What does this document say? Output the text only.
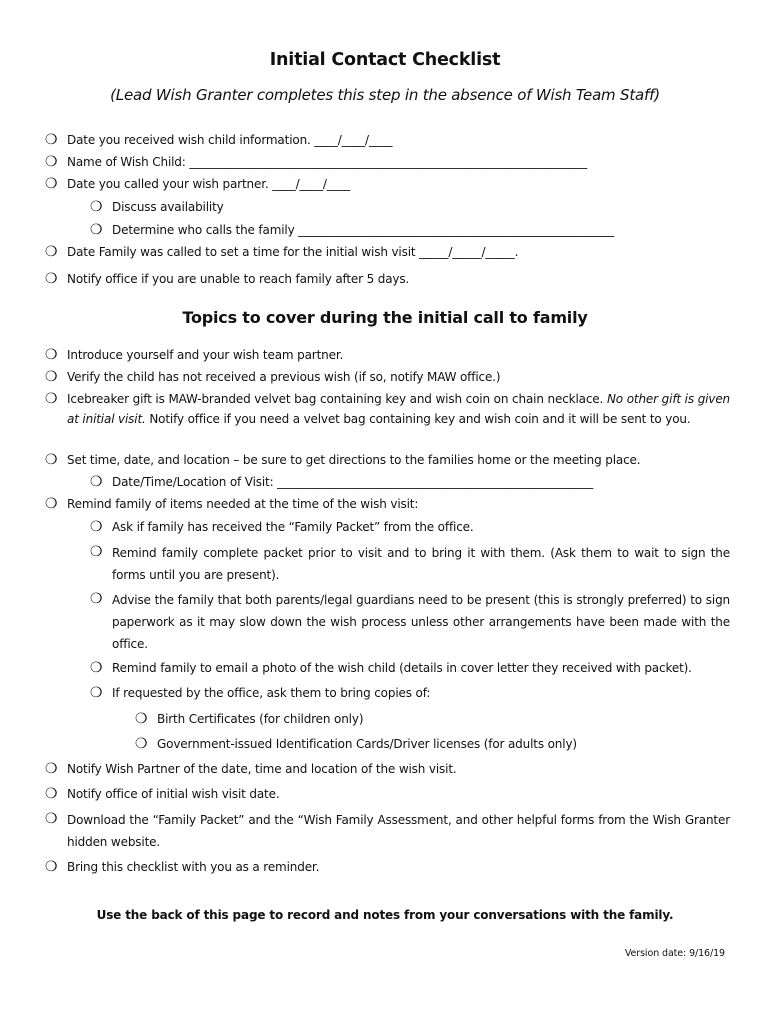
Initial Contact Checklist
(Lead Wish Granter completes this step in the absence of Wish Team Staff)
❍ Date you received wish child information. ____/____/____
❍ Name of Wish Child: ____________________________________________________________________
❍ Date you called your wish partner. ____/____/____
❍ Discuss availability
❍ Determine who calls the family ______________________________________________________
❍ Date Family was called to set a time for the initial wish visit _____/_____/_____.
❍ Notify office if you are unable to reach family after 5 days.
Topics to cover during the initial call to family
❍ Introduce yourself and your wish team partner.
❍ Verify the child has not received a previous wish (if so, notify MAW office.)
❍ Icebreaker gift is MAW-branded velvet bag containing key and wish coin on chain necklace. No other gift is given at initial visit. Notify office if you need a velvet bag containing key and wish coin and it will be sent to you.
❍ Set time, date, and location – be sure to get directions to the families home or the meeting place.
❍ Date/Time/Location of Visit: ______________________________________________________
❍ Remind family of items needed at the time of the wish visit:
❍ Ask if family has received the “Family Packet” from the office.
❍ Remind family complete packet prior to visit and to bring it with them. (Ask them to wait to sign the forms until you are present).
❍ Advise the family that both parents/legal guardians need to be present (this is strongly preferred) to sign paperwork as it may slow down the wish process unless other arrangements have been made with the office.
❍ Remind family to email a photo of the wish child (details in cover letter they received with packet).
❍ If requested by the office, ask them to bring copies of:
❍ Birth Certificates (for children only)
❍ Government-issued Identification Cards/Driver licenses (for adults only)
❍ Notify Wish Partner of the date, time and location of the wish visit.
❍ Notify office of initial wish visit date.
❍ Download the “Family Packet” and the “Wish Family Assessment, and other helpful forms from the Wish Granter hidden website.
❍ Bring this checklist with you as a reminder.
Use the back of this page to record and notes from your conversations with the family.
Version date: 9/16/19
